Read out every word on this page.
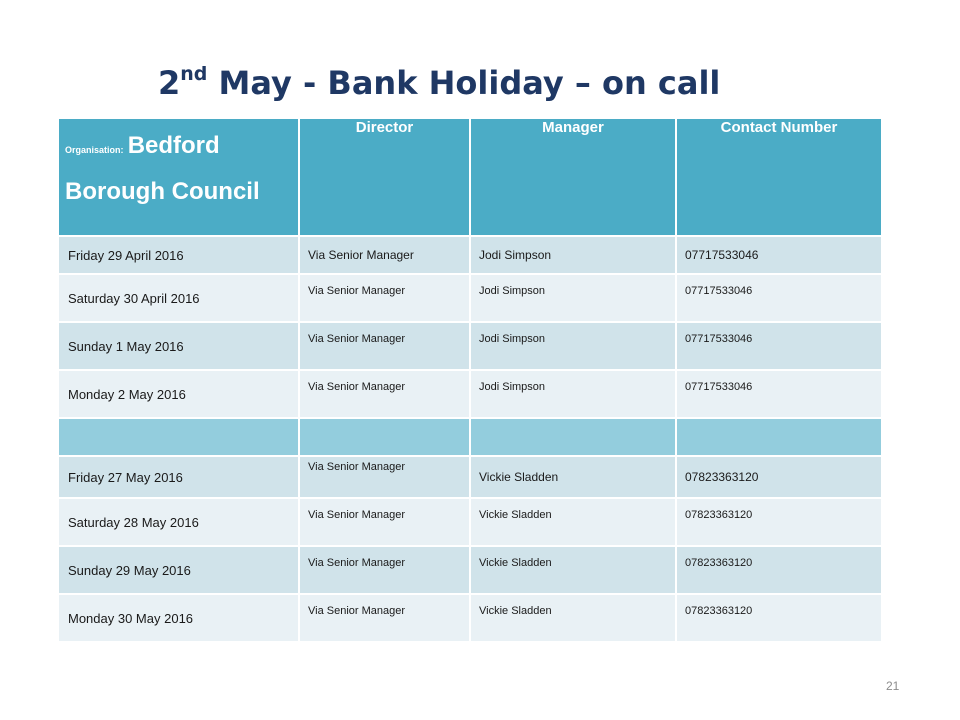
2nd May - Bank Holiday – on call
Organisation: Bedford Borough Council	Director	Manager	Contact Number
Friday 29 April 2016	Via Senior Manager	Jodi Simpson	07717533046
Saturday 30 April 2016	Via Senior Manager	Jodi Simpson	07717533046
Sunday 1 May 2016	Via Senior Manager	Jodi Simpson	07717533046
Monday 2 May 2016	Via Senior Manager	Jodi Simpson	07717533046

Friday 27 May 2016	Via Senior Manager	Vickie Sladden	07823363120
Saturday 28 May 2016	Via Senior Manager	Vickie Sladden	07823363120
Sunday 29 May 2016	Via Senior Manager	Vickie Sladden	07823363120
Monday 30 May 2016	Via Senior Manager	Vickie Sladden	07823363120
21
